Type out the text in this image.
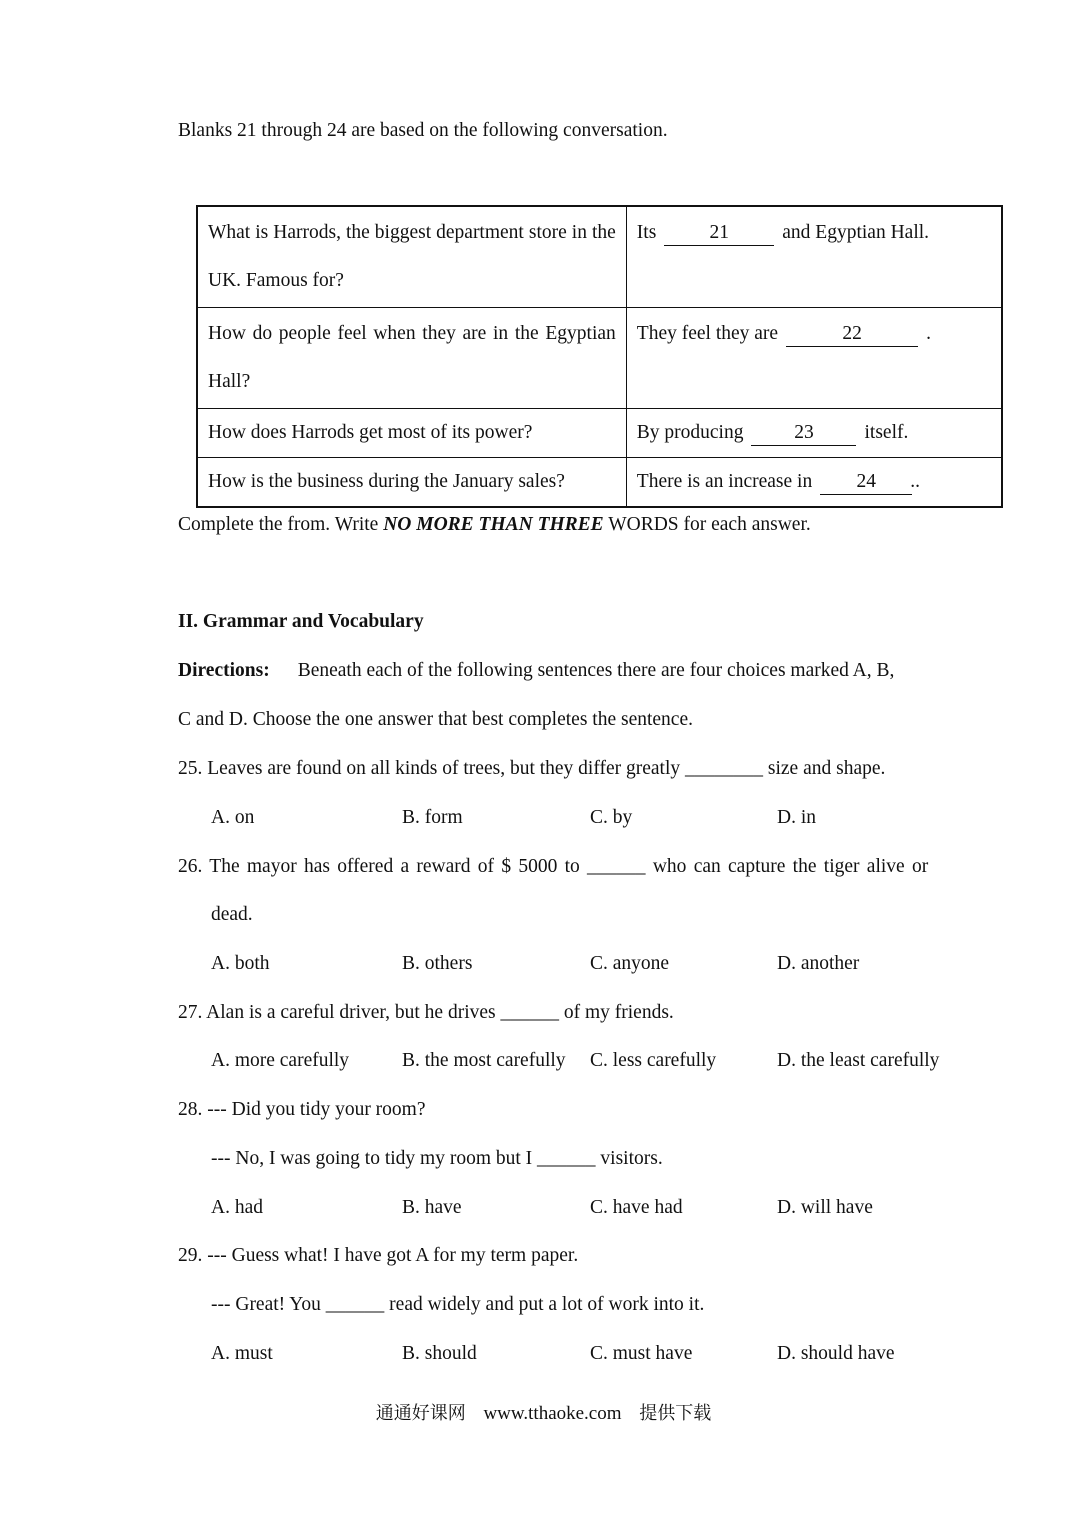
Blanks 21 through 24 are based on the following conversation.
What is Harrods, the biggest department store in the UK. Famous for?	Its 21 and Egyptian Hall.
How do people feel when they are in the Egyptian Hall?	They feel they are 22 .
How does Harrods get most of its power?	By producing 23 itself.
How is the business during the January sales?	There is an increase in 24 ..
Complete the from. Write NO MORE THAN THREE WORDS for each answer.
II. Grammar and Vocabulary
Directions: Beneath each of the following sentences there are four choices marked A, B,
C and D. Choose the one answer that best completes the sentence.
25. Leaves are found on all kinds of trees, but they differ greatly ________ size and shape.
A. on	B. form	C. by	D. in
26. The mayor has offered a reward of $ 5000 to ______ who can capture the tiger alive or
dead.
A. both	B. others	C. anyone	D. another
27. Alan is a careful driver, but he drives ______ of my friends.
A. more carefully	B. the most carefully C. less carefully	D. the least carefully
28. --- Did you tidy your room?
--- No, I was going to tidy my room but I ______ visitors.
A. had	B. have	C. have had	D. will have
29. --- Guess what! I have got A for my term paper.
--- Great! You ______ read widely and put a lot of work into it.
A. must	B. should	C. must have	D. should have
通通好课网 www.tthaoke.com 提供下载
